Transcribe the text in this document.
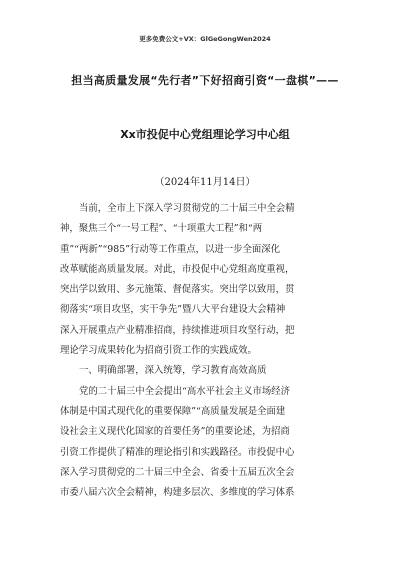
更多免费公文+VX：GlGeGongWen2024
担当高质量发展“先行者”下好招商引资“一盘棋”——
Xx市投促中心党组理论学习中心组
（2024年11月14日）
当前，全市上下深入学习贯彻党的二十届三中全会精
神，聚焦三个“一号工程”、“十项重大工程”和“两
重”“两新”“985”行动等工作重点，以进一步全面深化
改革赋能高质量发展。对此，市投促中心党组高度重视，
突出学以致用、多元施策、督促落实。突出学以致用，贯
彻落实“项目攻坚，实干争先”暨八大平台建设大会精神
深入开展重点产业精准招商，持续推进项目攻坚行动，把
理论学习成果转化为招商引资工作的实践成效。
一、明确部署，深入统筹，学习教育高效高质
党的二十届三中全会提出“高水平社会主义市场经济
体制是中国式现代化的重要保障”“高质量发展是全面建
设社会主义现代化国家的首要任务”的重要论述，为招商
引资工作提供了精准的理论指引和实践路径。市投促中心
深入学习贯彻党的二十届三中全会、省委十五届五次全会
市委八届六次全会精神，构建多层次、多维度的学习体系
